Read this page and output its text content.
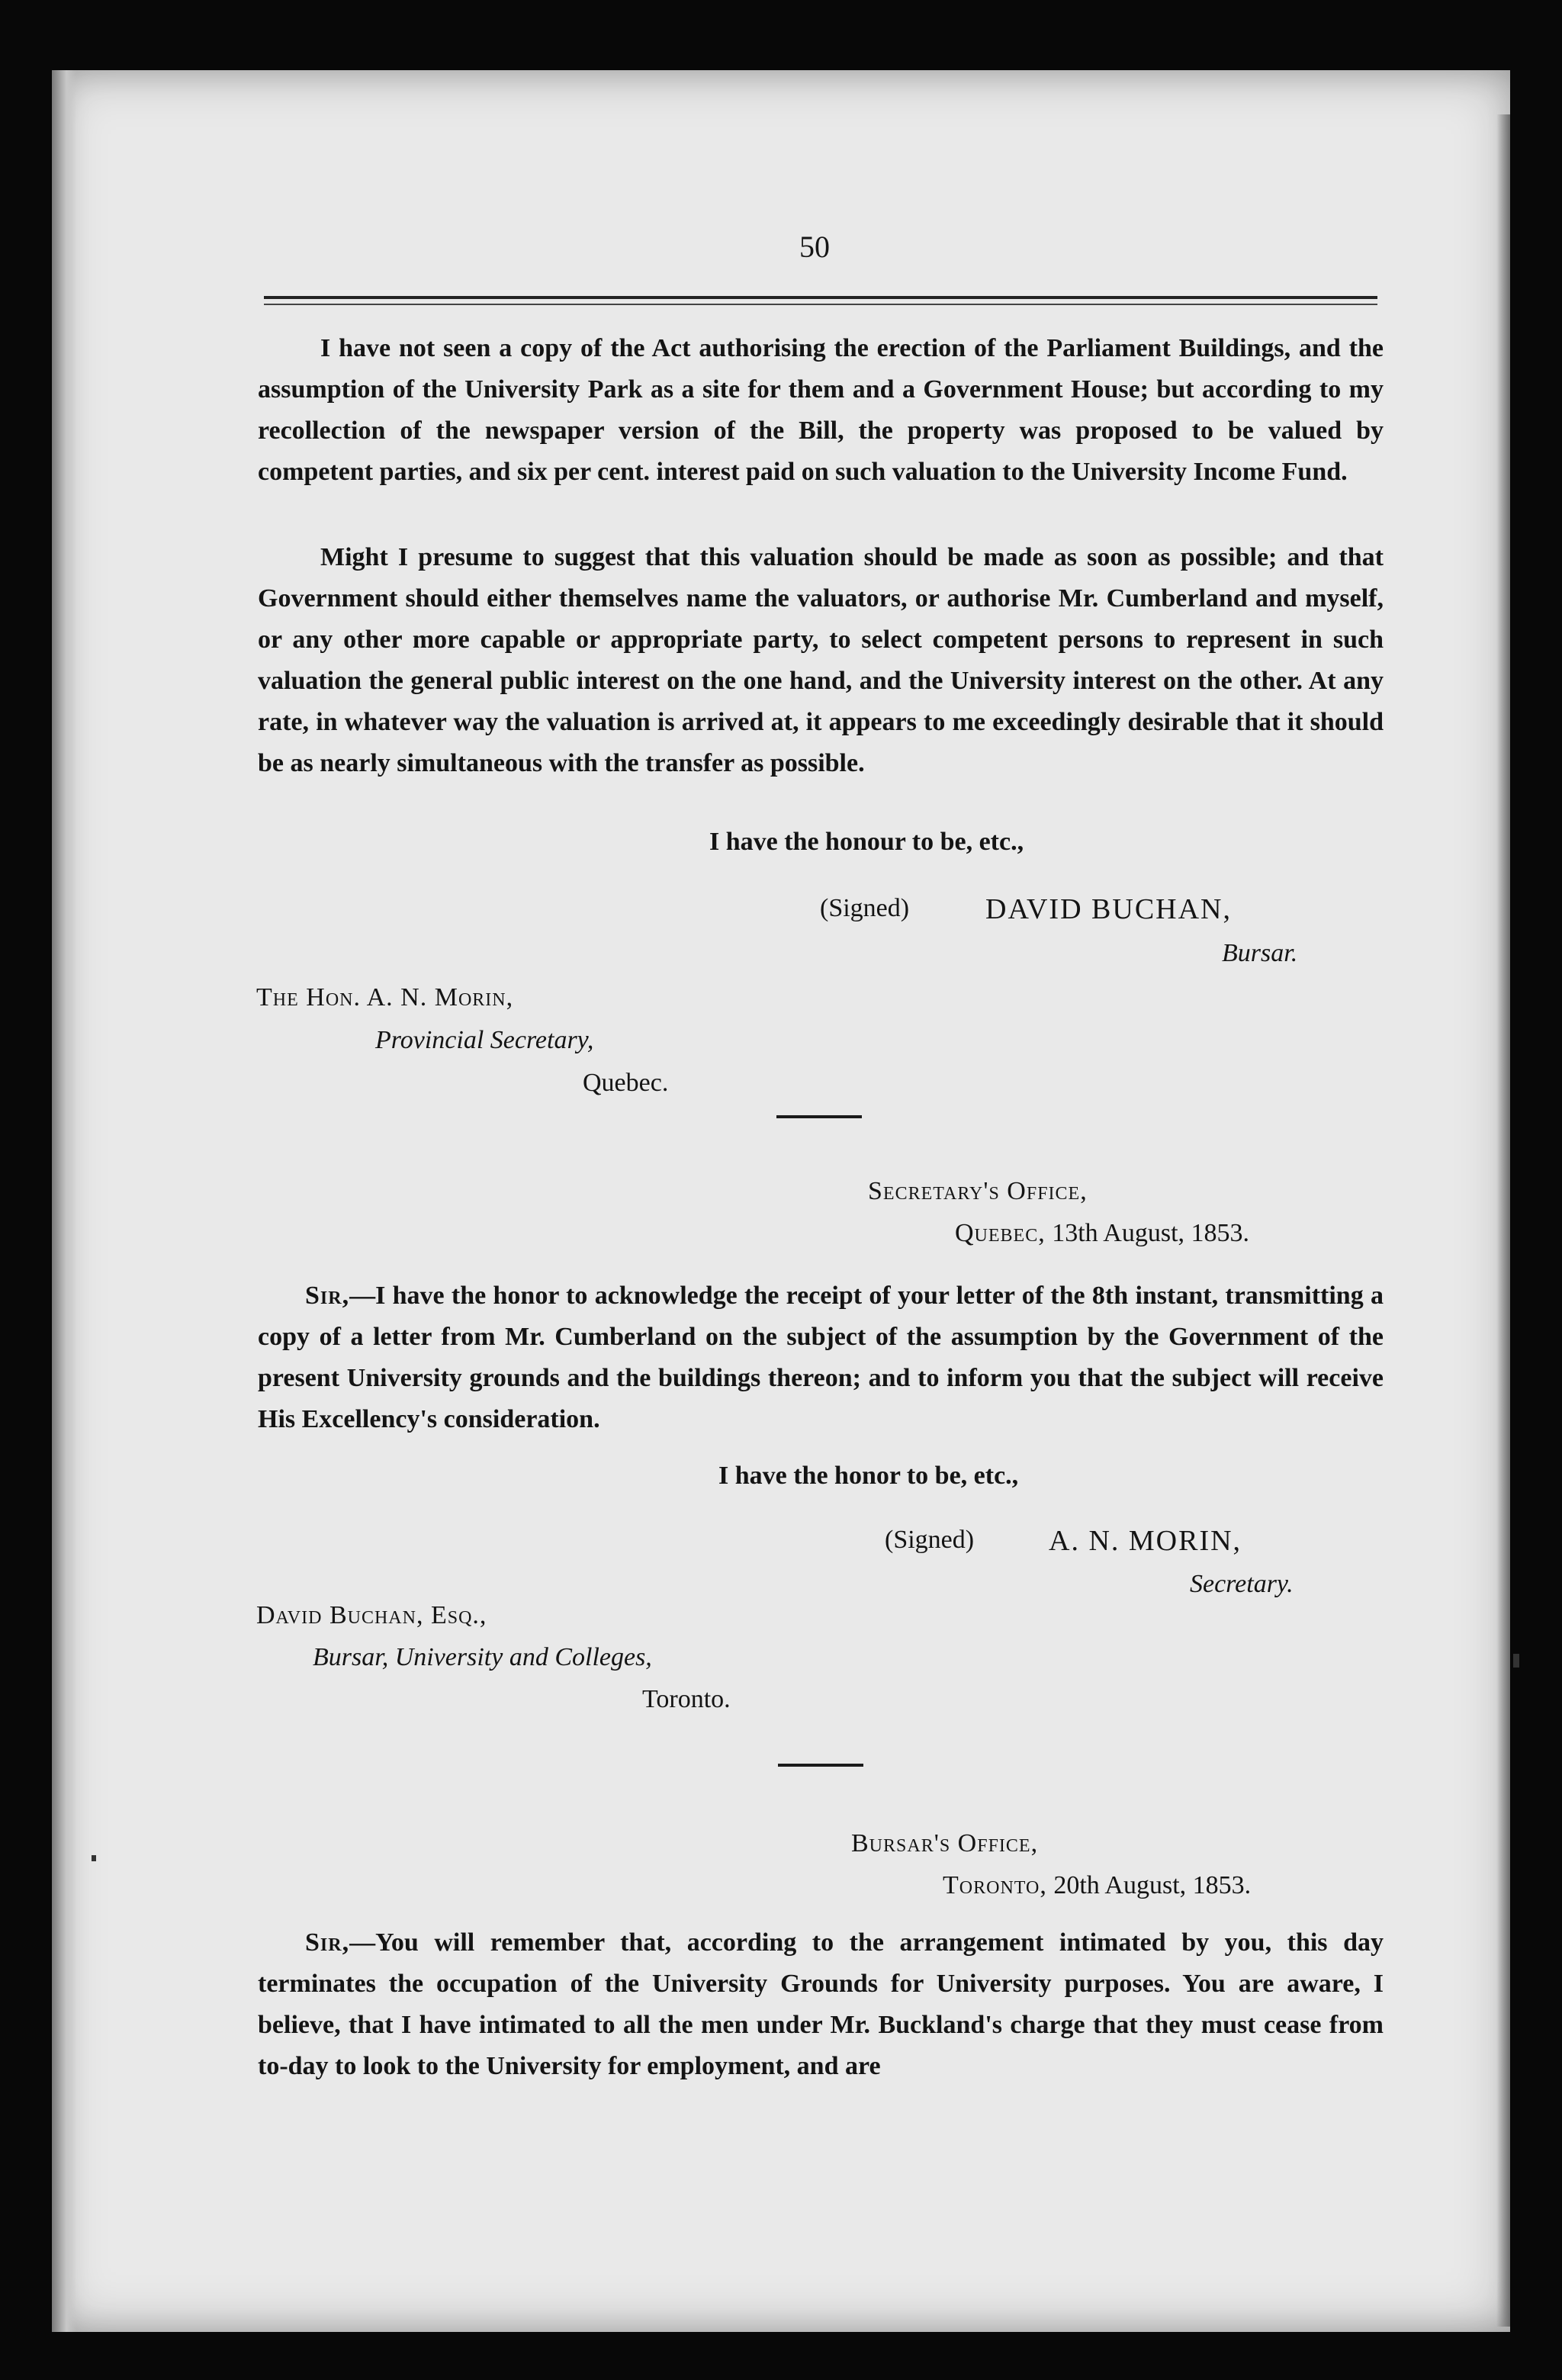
50

I have not seen a copy of the Act authorising the erection of the Parliament Buildings, and the assumption of the University Park as a site for them and a Government House; but according to my recollection of the newspaper version of the Bill, the property was proposed to be valued by competent parties, and six per cent. interest paid on such valuation to the University Income Fund.

Might I presume to suggest that this valuation should be made as soon as possible; and that Government should either themselves name the valuators, or authorise Mr. Cumberland and myself, or any other more capable or appropriate party, to select competent persons to represent in such valuation the general public interest on the one hand, and the University interest on the other. At any rate, in whatever way the valuation is arrived at, it appears to me exceedingly desirable that it should be as nearly simultaneous with the transfer as possible.

I have the honour to be, etc.,
(Signed)	DAVID BUCHAN,
Bursar.
The Hon. A. N. Morin,
Provincial Secretary,
Quebec.
Secretary's Office,
Quebec, 13th August, 1853.

Sir,—I have the honor to acknowledge the receipt of your letter of the 8th instant, transmitting a copy of a letter from Mr. Cumberland on the subject of the assumption by the Government of the present University grounds and the buildings thereon; and to inform you that the subject will receive His Excellency's consideration.

I have the honor to be, etc.,
(Signed)	A. N. MORIN,
Secretary.
David Buchan, Esq.,
Bursar, University and Colleges,
Toronto.
Bursar's Office,
Toronto, 20th August, 1853.

Sir,—You will remember that, according to the arrangement intimated by you, this day terminates the occupation of the University Grounds for University purposes. You are aware, I believe, that I have intimated to all the men under Mr. Buckland's charge that they must cease from to-day to look to the University for employment, and are
